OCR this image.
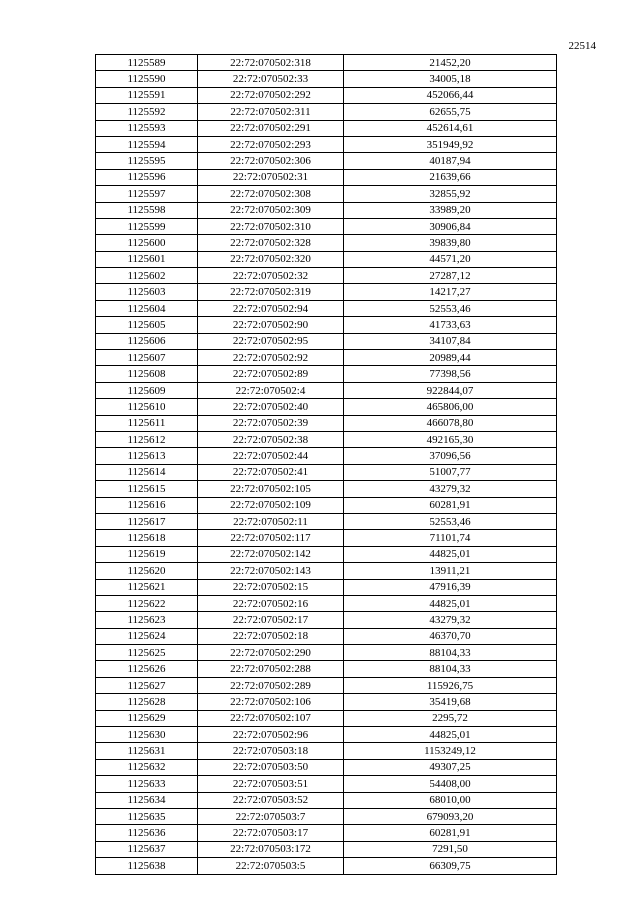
22514
1125589	22:72:070502:318	21452,20
1125590	22:72:070502:33	34005,18
1125591	22:72:070502:292	452066,44
1125592	22:72:070502:311	62655,75
1125593	22:72:070502:291	452614,61
1125594	22:72:070502:293	351949,92
1125595	22:72:070502:306	40187,94
1125596	22:72:070502:31	21639,66
1125597	22:72:070502:308	32855,92
1125598	22:72:070502:309	33989,20
1125599	22:72:070502:310	30906,84
1125600	22:72:070502:328	39839,80
1125601	22:72:070502:320	44571,20
1125602	22:72:070502:32	27287,12
1125603	22:72:070502:319	14217,27
1125604	22:72:070502:94	52553,46
1125605	22:72:070502:90	41733,63
1125606	22:72:070502:95	34107,84
1125607	22:72:070502:92	20989,44
1125608	22:72:070502:89	77398,56
1125609	22:72:070502:4	922844,07
1125610	22:72:070502:40	465806,00
1125611	22:72:070502:39	466078,80
1125612	22:72:070502:38	492165,30
1125613	22:72:070502:44	37096,56
1125614	22:72:070502:41	51007,77
1125615	22:72:070502:105	43279,32
1125616	22:72:070502:109	60281,91
1125617	22:72:070502:11	52553,46
1125618	22:72:070502:117	71101,74
1125619	22:72:070502:142	44825,01
1125620	22:72:070502:143	13911,21
1125621	22:72:070502:15	47916,39
1125622	22:72:070502:16	44825,01
1125623	22:72:070502:17	43279,32
1125624	22:72:070502:18	46370,70
1125625	22:72:070502:290	88104,33
1125626	22:72:070502:288	88104,33
1125627	22:72:070502:289	115926,75
1125628	22:72:070502:106	35419,68
1125629	22:72:070502:107	2295,72
1125630	22:72:070502:96	44825,01
1125631	22:72:070503:18	1153249,12
1125632	22:72:070503:50	49307,25
1125633	22:72:070503:51	54408,00
1125634	22:72:070503:52	68010,00
1125635	22:72:070503:7	679093,20
1125636	22:72:070503:17	60281,91
1125637	22:72:070503:172	7291,50
1125638	22:72:070503:5	66309,75
